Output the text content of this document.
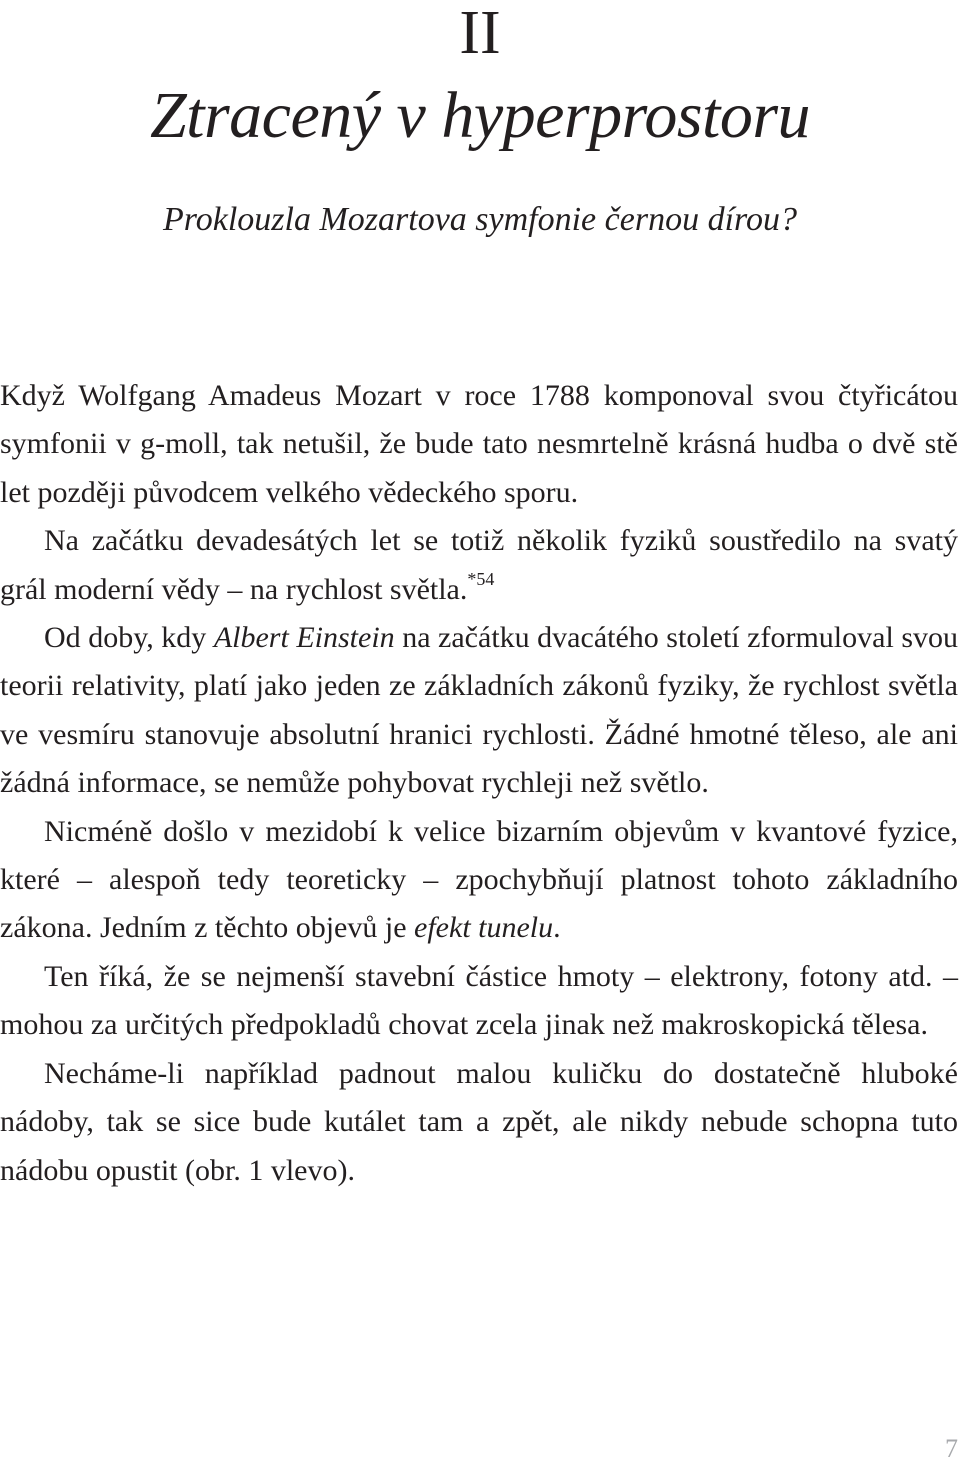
II
Ztracený v hyperprostoru

Proklouzla Mozartova symfonie černou dírou?

Když Wolfgang Amadeus Mozart v roce 1788 komponoval svou čtyřicátou symfonii v g-moll, tak netušil, že bude tato nesmrtelně krásná hudba o dvě stě let později původcem velkého vědeckého sporu.

Na začátku devadesátých let se totiž několik fyziků soustředilo na svatý grál moderní vědy – na rychlost světla.$^{*54}$

Od doby, kdy Albert Einstein na začátku dvacátého století zformuloval svou teorii relativity, platí jako jeden ze základních zákonů fyziky, že rychlost světla ve vesmíru stanovuje absolutní hranici rychlosti. Žádné hmotné těleso, ale ani žádná informace, se nemůže pohybovat rychleji než světlo.

Nicméně došlo v mezidobí k velice bizarním objevům v kvantové fyzice, které – alespoň tedy teoreticky – zpochybňují platnost tohoto základního zákona. Jedním z těchto objevů je efekt tunelu.

Ten říká, že se nejmenší stavební částice hmoty – elektrony, fotony atd. – mohou za určitých předpokladů chovat zcela jinak než makroskopická tělesa.

Necháme-li například padnout malou kuličku do dostatečně hluboké nádoby, tak se sice bude kutálet tam a zpět, ale nikdy nebude schopna tuto nádobu opustit (obr. 1 vlevo).

7
